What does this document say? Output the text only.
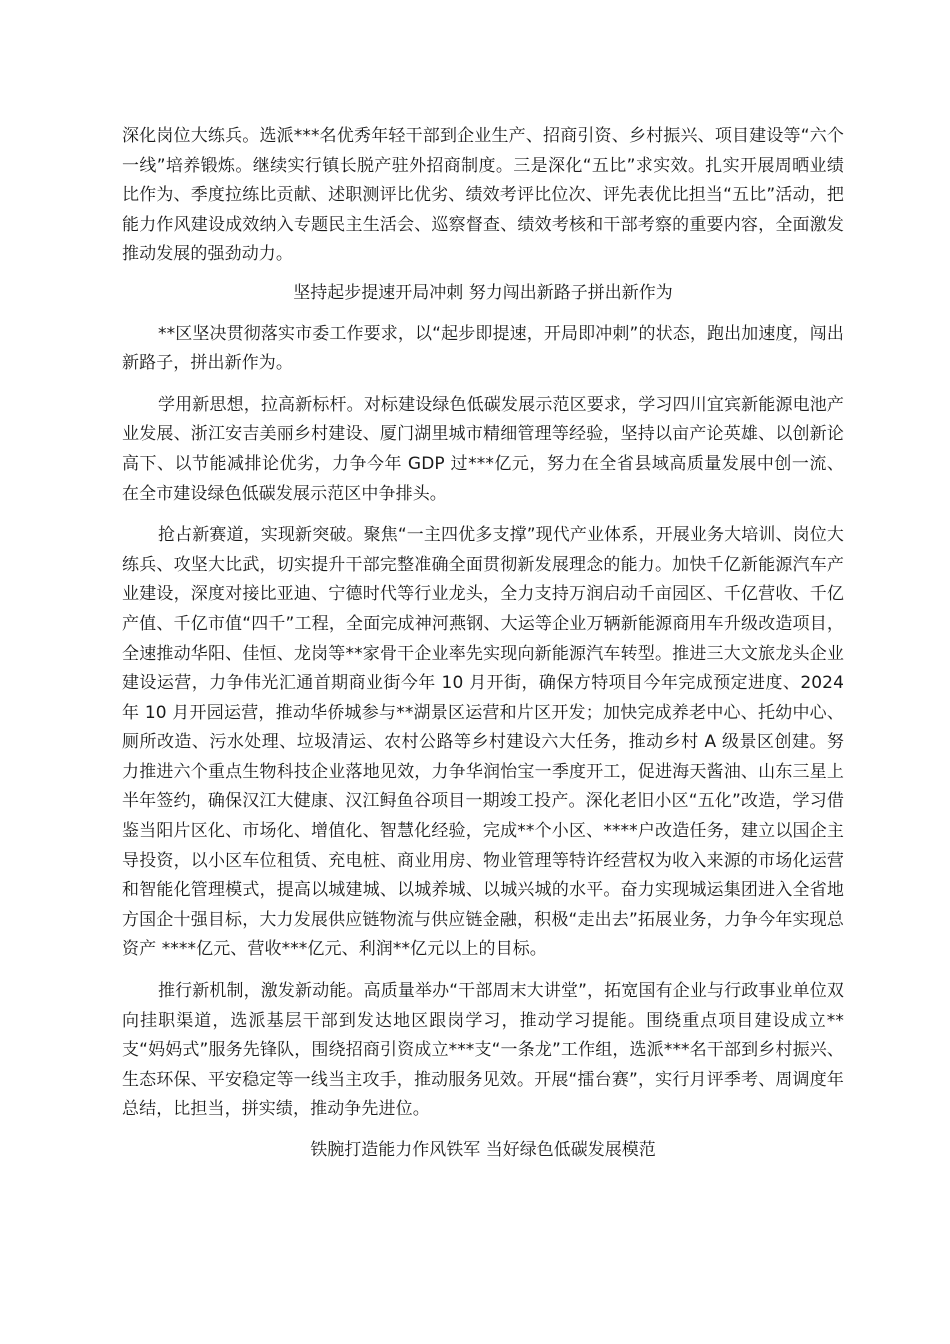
深化岗位大练兵。选派***名优秀年轻干部到企业生产、招商引资、乡村振兴、项目建设等“六个一线”培养锻炼。继续实行镇长脱产驻外招商制度。三是深化“五比”求实效。扎实开展周晒业绩比作为、季度拉练比贡献、述职测评比优劣、绩效考评比位次、评先表优比担当“五比”活动，把能力作风建设成效纳入专题民主生活会、巡察督查、绩效考核和干部考察的重要内容，全面激发推动发展的强劲动力。

坚持起步提速开局冲刺 努力闯出新路子拼出新作为

**区坚决贯彻落实市委工作要求，以“起步即提速，开局即冲刺”的状态，跑出加速度，闯出新路子，拼出新作为。

学用新思想，拉高新标杆。对标建设绿色低碳发展示范区要求，学习四川宜宾新能源电池产业发展、浙江安吉美丽乡村建设、厦门湖里城市精细管理等经验，坚持以亩产论英雄、以创新论高下、以节能减排论优劣，力争今年 GDP 过***亿元，努力在全省县域高质量发展中创一流、在全市建设绿色低碳发展示范区中争排头。

抢占新赛道，实现新突破。聚焦“一主四优多支撑”现代产业体系，开展业务大培训、岗位大练兵、攻坚大比武，切实提升干部完整准确全面贯彻新发展理念的能力。加快千亿新能源汽车产业建设，深度对接比亚迪、宁德时代等行业龙头，全力支持万润启动千亩园区、千亿营收、千亿产值、千亿市值“四千”工程，全面完成神河燕钢、大运等企业万辆新能源商用车升级改造项目，全速推动华阳、佳恒、龙岗等**家骨干企业率先实现向新能源汽车转型。推进三大文旅龙头企业建设运营，力争伟光汇通首期商业街今年 10 月开街，确保方特项目今年完成预定进度、2024 年 10 月开园运营，推动华侨城参与**湖景区运营和片区开发；加快完成养老中心、托幼中心、厕所改造、污水处理、垃圾清运、农村公路等乡村建设六大任务，推动乡村 A 级景区创建。努力推进六个重点生物科技企业落地见效，力争华润怡宝一季度开工，促进海天酱油、山东三星上半年签约，确保汉江大健康、汉江鲟鱼谷项目一期竣工投产。深化老旧小区“五化”改造，学习借鉴当阳片区化、市场化、增值化、智慧化经验，完成**个小区、****户改造任务，建立以国企主导投资，以小区车位租赁、充电桩、商业用房、物业管理等特许经营权为收入来源的市场化运营和智能化管理模式，提高以城建城、以城养城、以城兴城的水平。奋力实现城运集团进入全省地方国企十强目标，大力发展供应链物流与供应链金融，积极“走出去”拓展业务，力争今年实现总资产 ****亿元、营收***亿元、利润**亿元以上的目标。

推行新机制，激发新动能。高质量举办“干部周末大讲堂”，拓宽国有企业与行政事业单位双向挂职渠道，选派基层干部到发达地区跟岗学习，推动学习提能。围绕重点项目建设成立**支“妈妈式”服务先锋队，围绕招商引资成立***支“一条龙”工作组，选派***名干部到乡村振兴、生态环保、平安稳定等一线当主攻手，推动服务见效。开展“擂台赛”，实行月评季考、周调度年总结，比担当，拼实绩，推动争先进位。

铁腕打造能力作风铁军 当好绿色低碳发展模范
